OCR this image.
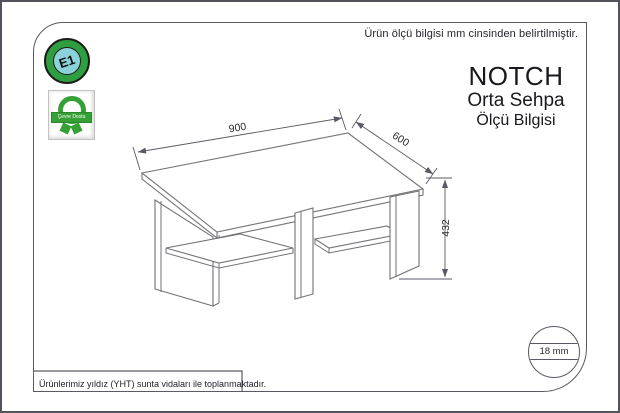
Ürün ölçü bilgisi mm cinsinden belirtilmiştir.
NOTCH
Orta Sehpa
Ölçü Bilgisi
E1
Çevre Dostu
900
600
432
18 mm
Ürünlerimiz yıldız (YHT) sunta vidaları ile toplanmaktadır.
